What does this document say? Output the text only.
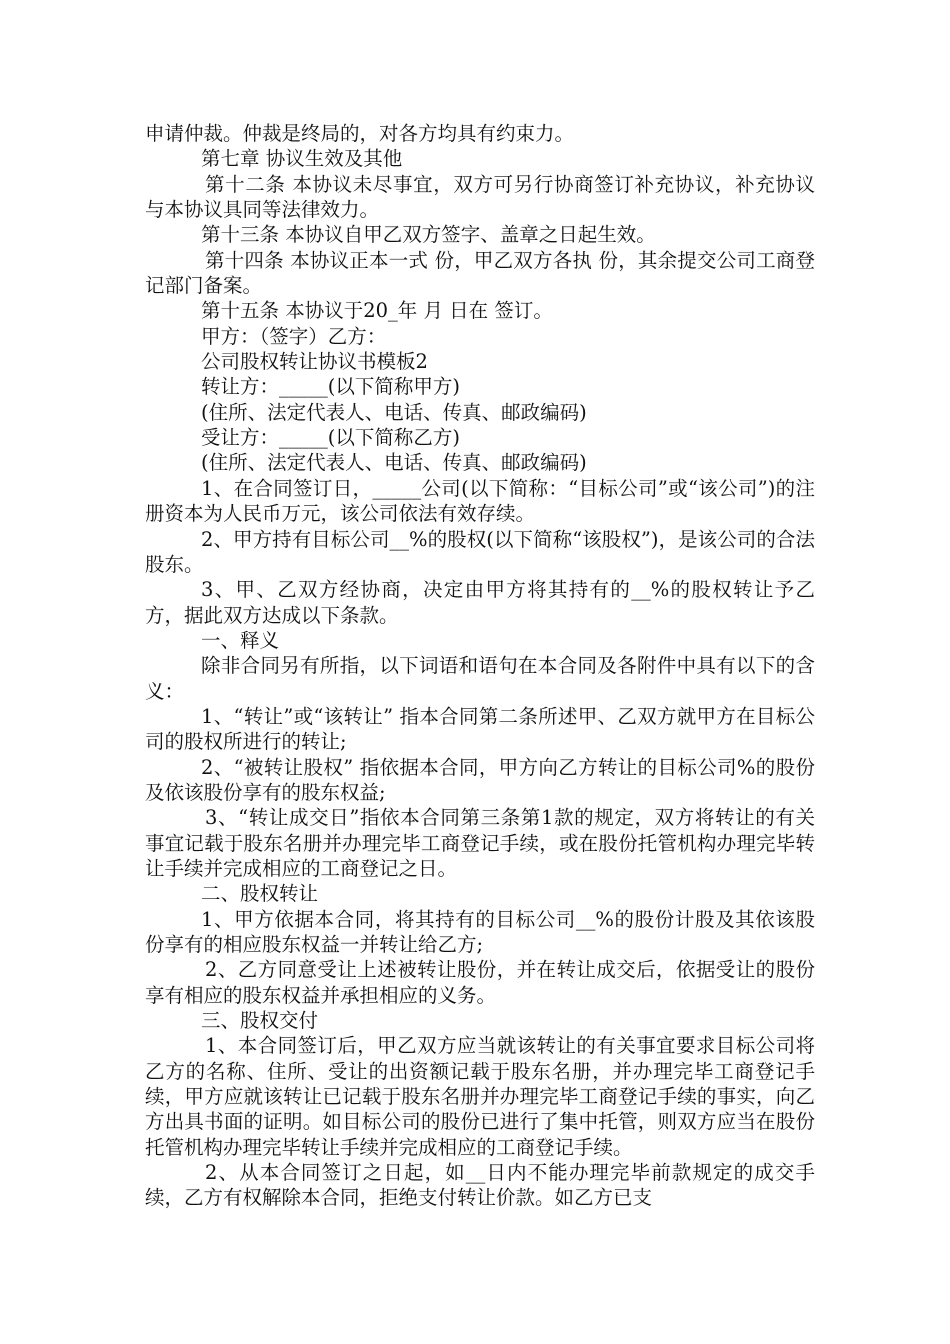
申请仲裁。仲裁是终局的，对各方均具有约束力。

第七章 协议生效及其他

第十二条 本协议未尽事宜，双方可另行协商签订补充协议，补充协议与本协议具同等法律效力。

第十三条 本协议自甲乙双方签字、盖章之日起生效。

第十四条 本协议正本一式 份，甲乙双方各执 份，其余提交公司工商登记部门备案。

第十五条 本协议于20_年 月 日在 签订。

甲方：（签字）乙方：

公司股权转让协议书模板2

转让方：_____(以下简称甲方)

(住所、法定代表人、电话、传真、邮政编码)

受让方：_____(以下简称乙方)

(住所、法定代表人、电话、传真、邮政编码)

1、在合同签订日，_____公司(以下简称：“目标公司”或“该公司”)的注册资本为人民币万元，该公司依法有效存续。

2、甲方持有目标公司__%的股权(以下简称“该股权”)，是该公司的合法股东。

3、甲、乙双方经协商，决定由甲方将其持有的__%的股权转让予乙方，据此双方达成以下条款。

一、释义

除非合同另有所指，以下词语和语句在本合同及各附件中具有以下的含义：

1、“转让”或“该转让” 指本合同第二条所述甲、乙双方就甲方在目标公司的股权所进行的转让;

2、“被转让股权” 指依据本合同，甲方向乙方转让的目标公司%的股份及依该股份享有的股东权益;

3、“转让成交日”指依本合同第三条第1款的规定，双方将转让的有关事宜记载于股东名册并办理完毕工商登记手续，或在股份托管机构办理完毕转让手续并完成相应的工商登记之日。

二、股权转让

1、甲方依据本合同，将其持有的目标公司__%的股份计股及其依该股份享有的相应股东权益一并转让给乙方;

2、乙方同意受让上述被转让股份，并在转让成交后，依据受让的股份享有相应的股东权益并承担相应的义务。

三、股权交付

1、本合同签订后，甲乙双方应当就该转让的有关事宜要求目标公司将乙方的名称、住所、受让的出资额记载于股东名册，并办理完毕工商登记手续，甲方应就该转让已记载于股东名册并办理完毕工商登记手续的事实，向乙方出具书面的证明。如目标公司的股份已进行了集中托管，则双方应当在股份托管机构办理完毕转让手续并完成相应的工商登记手续。

2、从本合同签订之日起，如__日内不能办理完毕前款规定的成交手续，乙方有权解除本合同，拒绝支付转让价款。如乙方已支
